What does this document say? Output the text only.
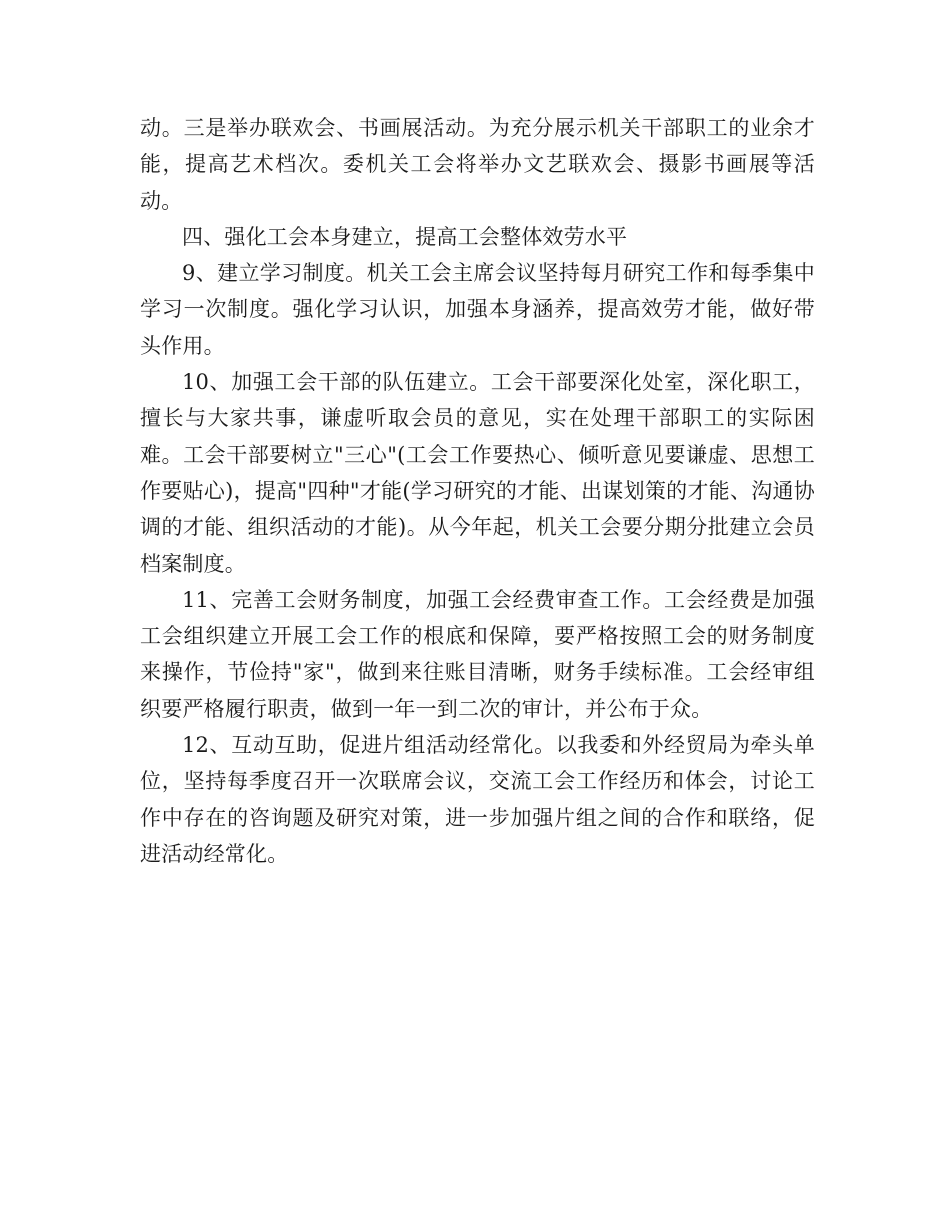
动。三是举办联欢会、书画展活动。为充分展示机关干部职工的业余才能，提高艺术档次。委机关工会将举办文艺联欢会、摄影书画展等活动。

四、强化工会本身建立，提高工会整体效劳水平

9、建立学习制度。机关工会主席会议坚持每月研究工作和每季集中学习一次制度。强化学习认识，加强本身涵养，提高效劳才能，做好带头作用。

10、加强工会干部的队伍建立。工会干部要深化处室，深化职工，擅长与大家共事，谦虚听取会员的意见，实在处理干部职工的实际困难。工会干部要树立"三心"(工会工作要热心、倾听意见要谦虚、思想工作要贴心)，提高"四种"才能(学习研究的才能、出谋划策的才能、沟通协调的才能、组织活动的才能)。从今年起，机关工会要分期分批建立会员档案制度。

11、完善工会财务制度，加强工会经费审查工作。工会经费是加强工会组织建立开展工会工作的根底和保障，要严格按照工会的财务制度来操作，节俭持"家"，做到来往账目清晰，财务手续标准。工会经审组织要严格履行职责，做到一年一到二次的审计，并公布于众。

12、互动互助，促进片组活动经常化。以我委和外经贸局为牵头单位，坚持每季度召开一次联席会议，交流工会工作经历和体会，讨论工作中存在的咨询题及研究对策，进一步加强片组之间的合作和联络，促进活动经常化。
